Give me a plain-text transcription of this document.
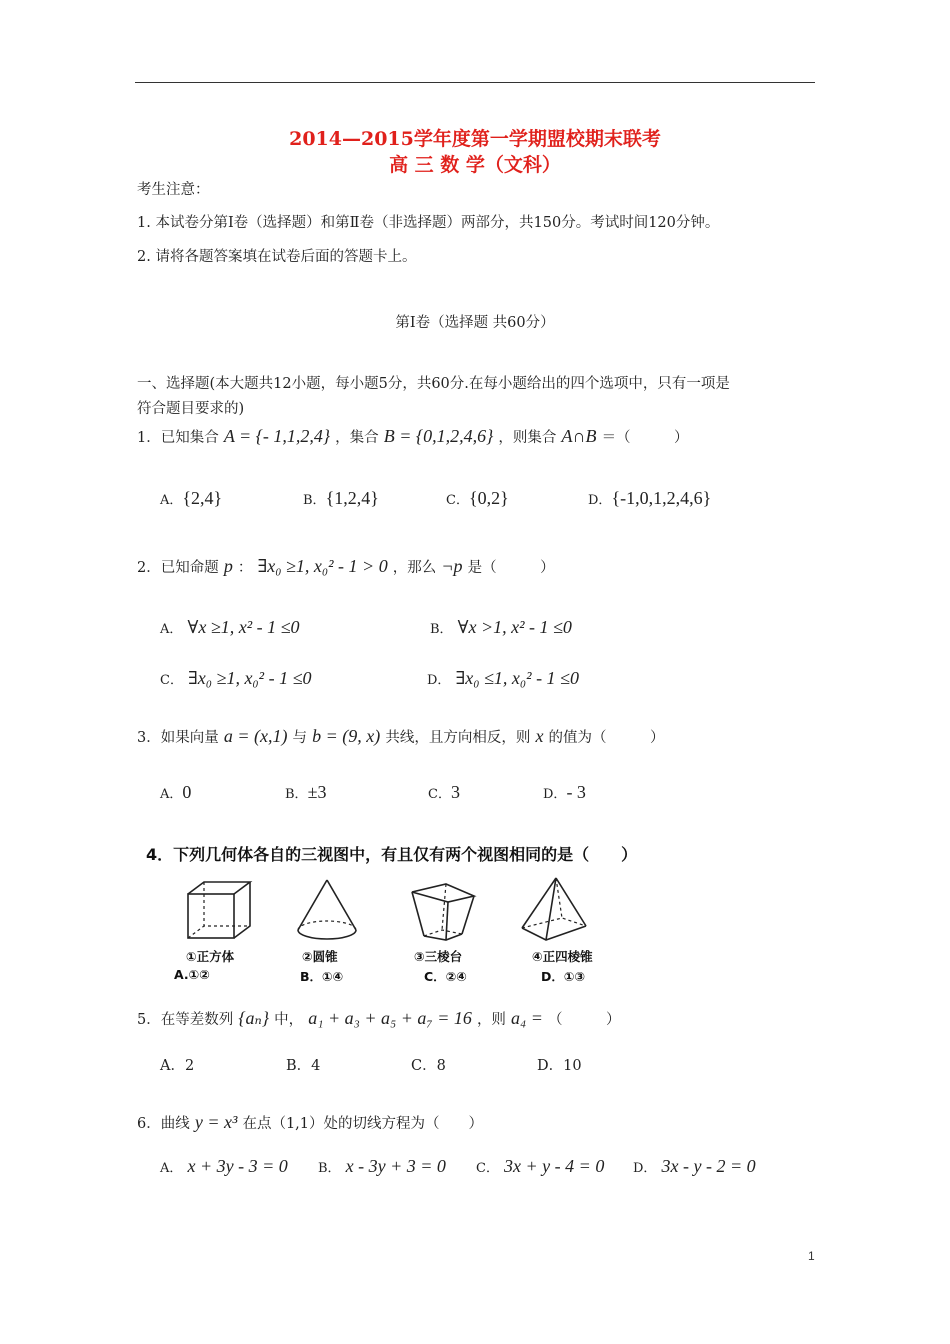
2014—2015学年度第一学期盟校期末联考
高 三 数 学（文科）
考生注意：
1. 本试卷分第Ⅰ卷（选择题）和第Ⅱ卷（非选择题）两部分，共150分。考试时间120分钟。
2. 请将各题答案填在试卷后面的答题卡上。
第Ⅰ卷（选择题 共60分）
一、选择题(本大题共12小题，每小题5分，共60分.在每小题给出的四个选项中，只有一项是
符合题目要求的)
1．已知集合 A = {- 1,1,2,4} ，集合 B = {0,1,2,4,6} ，则集合 A∩B ＝（　　　）
A．{2,4}	B．{1,2,4}	C．{0,2}	D．{-1,0,1,2,4,6}
2．已知命题 p ： ∃x₀ ≥1, x₀² - 1 > 0 ，那么 ¬p 是（　　　）
A． ∀x ≥1, x² - 1 ≤0	B． ∀x >1, x² - 1 ≤0
C． ∃x₀ ≥1, x₀² - 1 ≤0	D． ∃x₀ ≤1, x₀² - 1 ≤0
3．如果向量 a = (x,1) 与 b = (9, x) 共线，且方向相反，则 x 的值为（　　　）
A．0	B．±3	C．3	D．- 3
4．下列几何体各自的三视图中，有且仅有两个视图相同的是（　　）
①正方体	②圆锥	③三棱台	④正四棱锥
A.①②	B．①④	C．②④	D．①③
5．在等差数列 {aₙ} 中， a₁ + a₃ + a₅ + a₇ = 16 ，则 a₄ = （　　　）
A．2	B．4	C．8	D．10
6．曲线 y = x³ 在点（1,1）处的切线方程为（　　）
A． x + 3y - 3 = 0 B． x - 3y + 3 = 0 C． 3x + y - 4 = 0 D． 3x - y - 2 = 0
1
